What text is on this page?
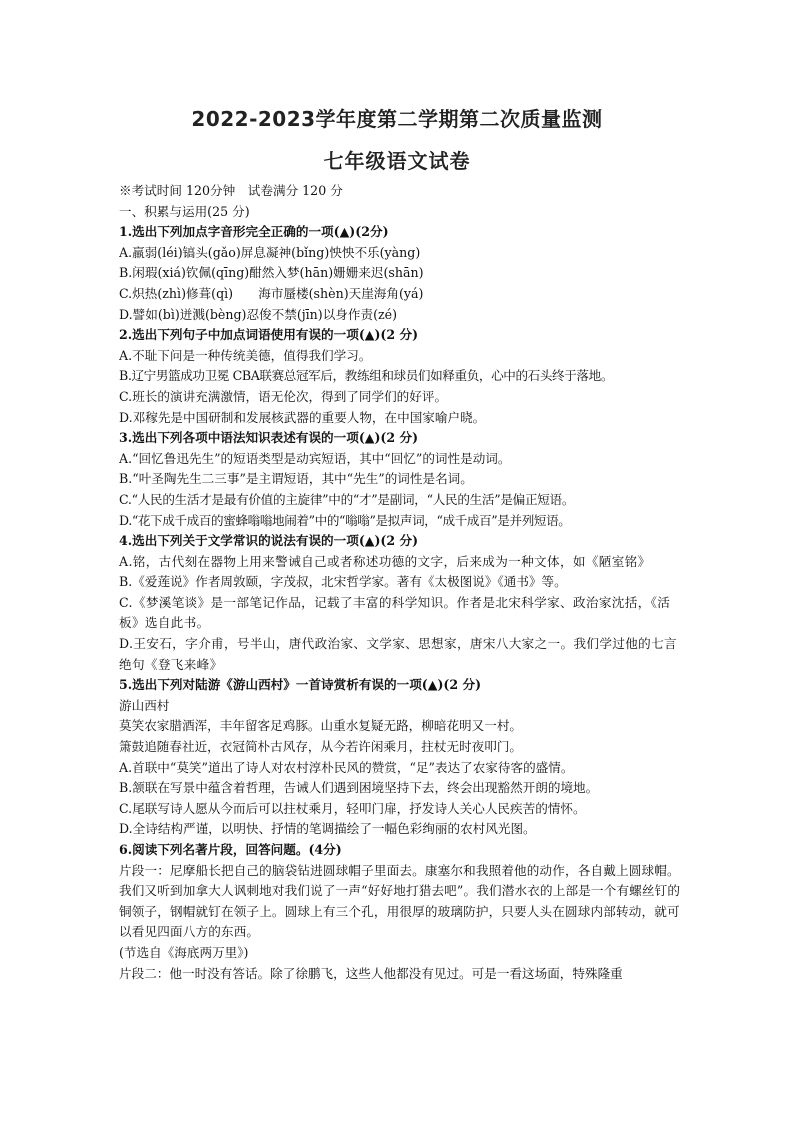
2022-2023学年度第二学期第二次质量监测
七年级语文试卷
※考试时间 120分钟　试卷满分 120 分
一、积累与运用(25 分)
1.选出下列加点字音形完全正确的一项(▲)(2分)
A.羸弱(léi)镐头(gǎo)屏息凝神(bǐng)怏怏不乐(yàng)
B.闲瑕(xiá)钦佩(qīng)酣然入梦(hān)姗姗来迟(shān)
C.炽热(zhì)修葺(qì)　　海市蜃楼(shèn)天崖海角(yá)
D.譬如(bì)迸溅(bèng)忍俊不禁(jīn)以身作责(zé)
2.选出下列句子中加点词语使用有误的一项(▲)(2 分)
A.不耻下问是一种传统美德，值得我们学习。
B.辽宁男篮成功卫冕 CBA联赛总冠军后，教练组和球员们如释重负，心中的石头终于落地。
C.班长的演讲充满激情，语无伦次，得到了同学们的好评。
D.邓稼先是中国研制和发展核武器的重要人物，在中国家喻户晓。
3.选出下列各项中语法知识表述有误的一项(▲)(2 分)
A.“回忆鲁迅先生”的短语类型是动宾短语，其中“回忆”的词性是动词。
B.“叶圣陶先生二三事”是主谓短语，其中“先生”的词性是名词。
C.“人民的生活才是最有价值的主旋律”中的“才”是副词，“人民的生活”是偏正短语。
D.“花下成千成百的蜜蜂嗡嗡地闹着”中的“嗡嗡”是拟声词，“成千成百”是并列短语。
4.选出下列关于文学常识的说法有误的一项(▲)(2 分)
A.铭，古代刻在器物上用来警诫自己或者称述功德的文字，后来成为一种文体，如《陋室铭》
B.《爱莲说》作者周敦颐，字茂叔，北宋哲学家。著有《太极图说》《通书》等。
C.《梦溪笔谈》是一部笔记作品，记载了丰富的科学知识。作者是北宋科学家、政治家沈括，《活板》选自此书。
D.王安石，字介甫，号半山，唐代政治家、文学家、思想家，唐宋八大家之一。我们学过他的七言绝句《登飞来峰》
5.选出下列对陆游《游山西村》一首诗赏析有误的一项(▲)(2 分)
游山西村
莫笑农家腊酒浑，丰年留客足鸡豚。山重水复疑无路，柳暗花明又一村。
箫鼓追随春社近，衣冠简朴古风存，从今若许闲乘月，拄杖无时夜叩门。
A.首联中“莫笑”道出了诗人对农村淳朴民风的赞赏，“足”表达了农家待客的盛情。
B.颔联在写景中蕴含着哲理，告诫人们遇到困境坚持下去，终会出现豁然开朗的境地。
C.尾联写诗人愿从今而后可以拄杖乘月，轻叩门扉，抒发诗人关心人民疾苦的情怀。
D.全诗结构严谨，以明快、抒情的笔调描绘了一幅色彩绚丽的农村风光图。
6.阅读下列名著片段，回答问题。(4分)
片段一：尼摩船长把自己的脑袋钻进圆球帽子里面去。康塞尔和我照着他的动作，各自戴上圆球帽。我们又听到加拿大人讽刺地对我们说了一声“好好地打猎去吧”。我们潜水衣的上部是一个有螺丝钉的铜领子，钢帽就钉在领子上。圆球上有三个孔，用很厚的玻璃防护，只要人头在圆球内部转动，就可以看见四面八方的东西。
(节选自《海底两万里》)
片段二：他一时没有答话。除了徐鹏飞，这些人他都没有见过。可是一看这场面，特殊隆重
